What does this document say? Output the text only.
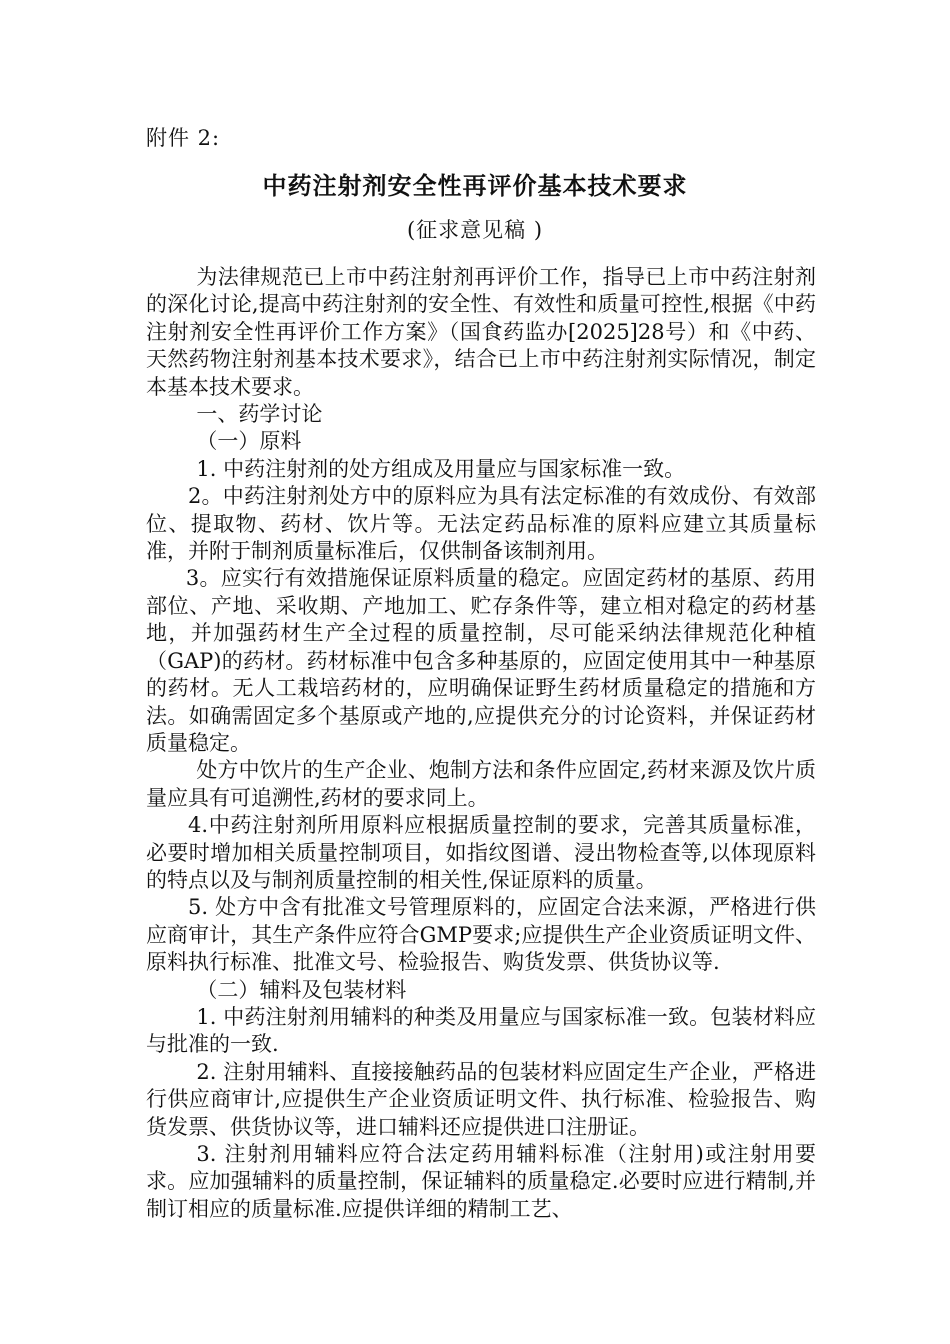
附件 2:
中药注射剂安全性再评价基本技术要求
(征求意见稿 )

为法律规范已上市中药注射剂再评价工作，指导已上市中药注射剂的深化讨论,提高中药注射剂的安全性、有效性和质量可控性,根据《中药注射剂安全性再评价工作方案》（国食药监办[2025]28号）和《中药、天然药物注射剂基本技术要求》，结合已上市中药注射剂实际情况，制定本基本技术要求。

一、药学讨论

（一）原料

1. 中药注射剂的处方组成及用量应与国家标准一致。

2。中药注射剂处方中的原料应为具有法定标准的有效成份、有效部位、提取物、药材、饮片等。无法定药品标准的原料应建立其质量标准，并附于制剂质量标准后，仅供制备该制剂用。

3。应实行有效措施保证原料质量的稳定。应固定药材的基原、药用部位、产地、采收期、产地加工、贮存条件等，建立相对稳定的药材基地，并加强药材生产全过程的质量控制，尽可能采纳法律规范化种植（GAP)的药材。药材标准中包含多种基原的，应固定使用其中一种基原的药材。无人工栽培药材的，应明确保证野生药材质量稳定的措施和方法。如确需固定多个基原或产地的,应提供充分的讨论资料，并保证药材质量稳定。

处方中饮片的生产企业、炮制方法和条件应固定,药材来源及饮片质量应具有可追溯性,药材的要求同上。

4.中药注射剂所用原料应根据质量控制的要求，完善其质量标准，必要时增加相关质量控制项目，如指纹图谱、浸出物检查等,以体现原料的特点以及与制剂质量控制的相关性,保证原料的质量。

5. 处方中含有批准文号管理原料的，应固定合法来源，严格进行供应商审计，其生产条件应符合GMP要求;应提供生产企业资质证明文件、原料执行标准、批准文号、检验报告、购货发票、供货协议等.

（二）辅料及包装材料

1. 中药注射剂用辅料的种类及用量应与国家标准一致。包装材料应与批准的一致.

2. 注射用辅料、直接接触药品的包装材料应固定生产企业，严格进行供应商审计,应提供生产企业资质证明文件、执行标准、检验报告、购货发票、供货协议等，进口辅料还应提供进口注册证。

3. 注射剂用辅料应符合法定药用辅料标准（注射用)或注射用要求。应加强辅料的质量控制，保证辅料的质量稳定.必要时应进行精制,并制订相应的质量标准.应提供详细的精制工艺、
